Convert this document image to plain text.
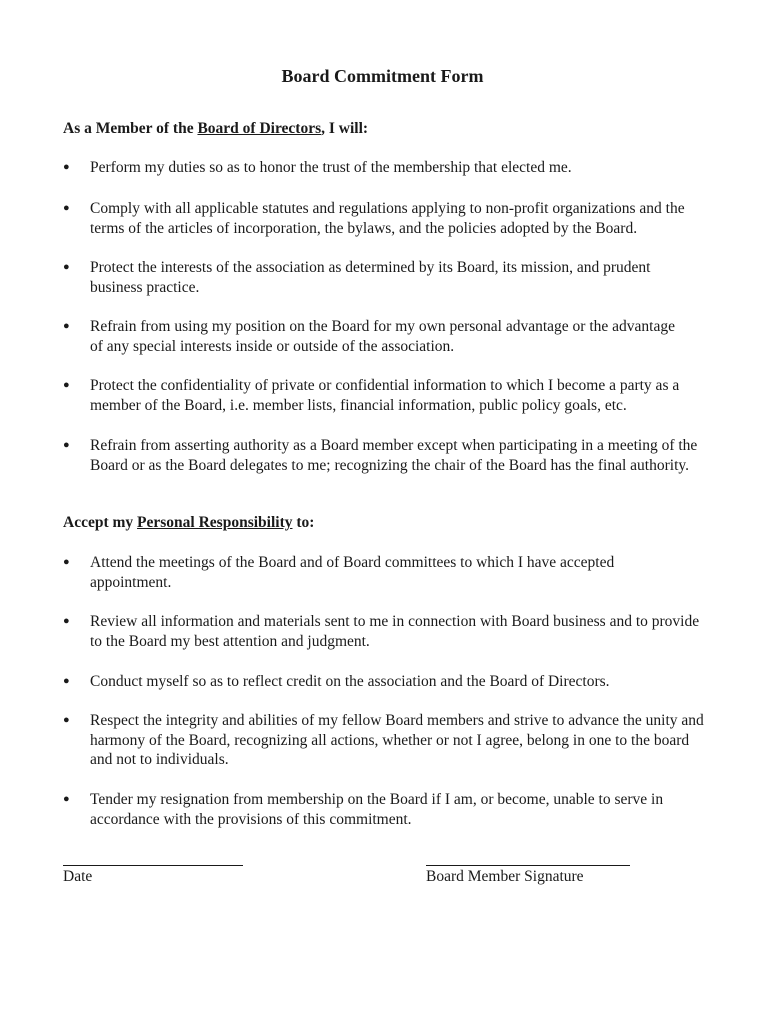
Board Commitment Form
As a Member of the Board of Directors, I will:
●	Perform my duties so as to honor the trust of the membership that elected me.
●	Comply with all applicable statutes and regulations applying to non-profit organizations and the terms of the articles of incorporation, the bylaws, and the policies adopted by the Board.
●	Protect the interests of the association as determined by its Board, its mission, and prudent business practice.
●	Refrain from using my position on the Board for my own personal advantage or the advantage of any special interests inside or outside of the association.
●	Protect the confidentiality of private or confidential information to which I become a party as a member of the Board, i.e. member lists, financial information, public policy goals, etc.
●	Refrain from asserting authority as a Board member except when participating in a meeting of the Board or as the Board delegates to me; recognizing the chair of the Board has the final authority.
Accept my Personal Responsibility to:
●	Attend the meetings of the Board and of Board committees to which I have accepted appointment.
●	Review all information and materials sent to me in connection with Board business and to provide to the Board my best attention and judgment.
●	Conduct myself so as to reflect credit on the association and the Board of Directors.
●	Respect the integrity and abilities of my fellow Board members and strive to advance the unity and harmony of the Board, recognizing all actions, whether or not I agree, belong in one to the board and not to individuals.
●	Tender my resignation from membership on the Board if I am, or become, unable to serve in accordance with the provisions of this commitment.
Date	Board Member Signature
